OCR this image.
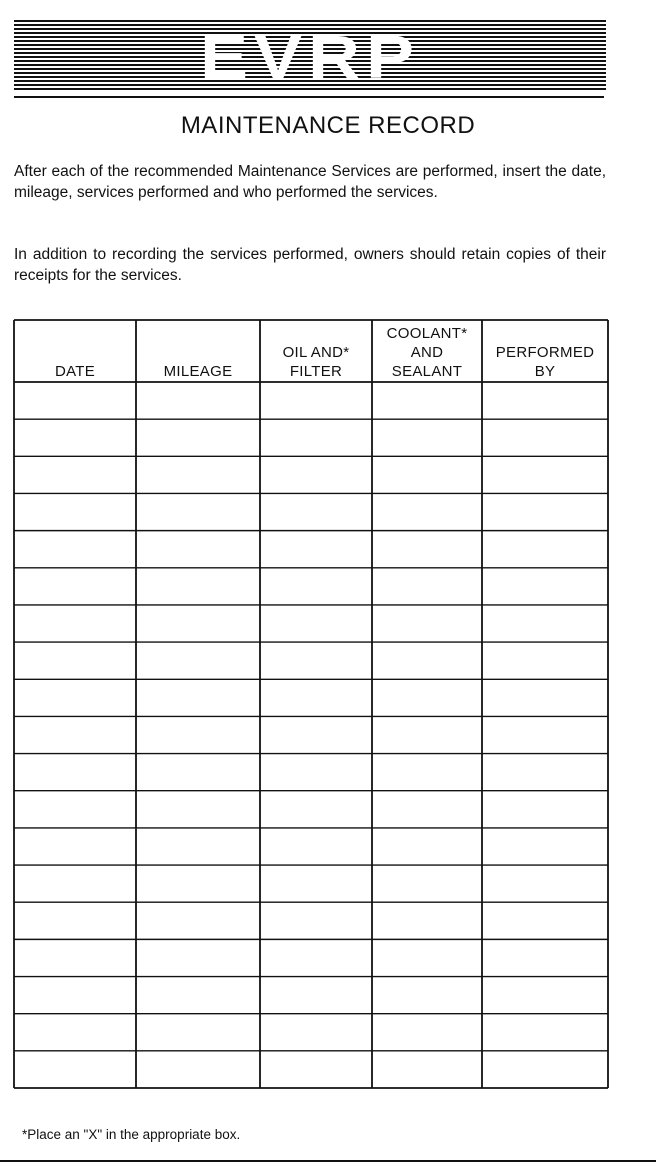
MAINTENANCE RECORD

After each of the recommended Maintenance Services are performed, insert the date, mileage, services performed and who performed the services.

In addition to recording the services performed, owners should retain copies of their receipts for the services.

DATE	MILEAGE
OIL AND*
FILTER
COOLANT*
AND
SEALANT
PERFORMED
BY

*Place an "X" in the appropriate box.
